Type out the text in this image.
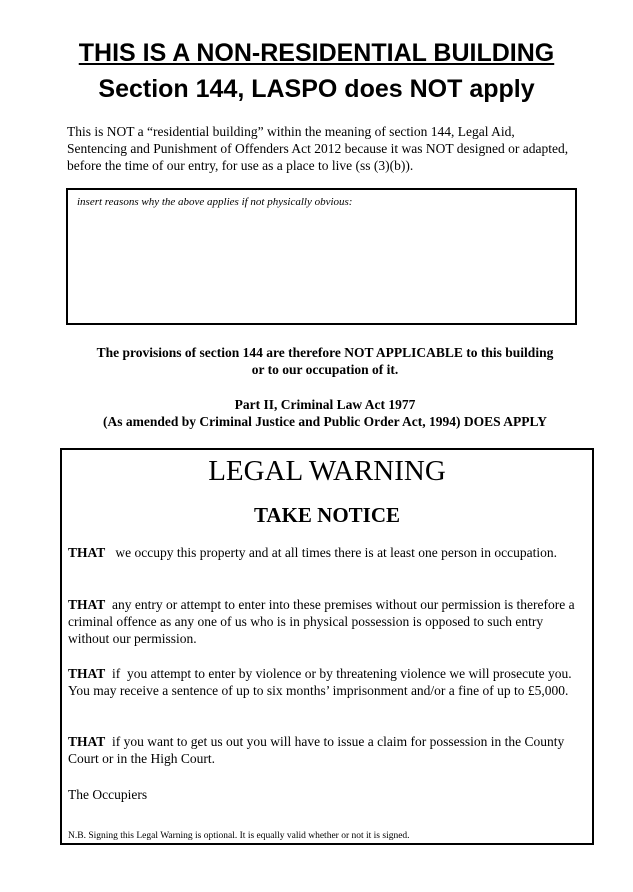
THIS IS A NON-RESIDENTIAL BUILDING
Section 144, LASPO does NOT apply
This is NOT a “residential building” within the meaning of section 144, Legal Aid, Sentencing and Punishment of Offenders Act 2012 because it was NOT designed or adapted, before the time of our entry, for use as a place to live (ss (3)(b)).
insert reasons why the above applies if not physically obvious:
The provisions of section 144 are therefore NOT APPLICABLE to this building
or to our occupation of it.
Part II, Criminal Law Act 1977
(As amended by Criminal Justice and Public Order Act, 1994) DOES APPLY
LEGAL WARNING
TAKE NOTICE
THAT   we occupy this property and at all times there is at least one person in occupation.
THAT  any entry or attempt to enter into these premises without our permission is therefore a criminal offence as any one of us who is in physical possession is opposed to such entry without our permission.
THAT  if  you attempt to enter by violence or by threatening violence we will prosecute you. You may receive a sentence of up to six months’ imprisonment and/or a fine of up to £5,000.
THAT  if you want to get us out you will have to issue a claim for possession in the County Court or in the High Court.
The Occupiers
N.B. Signing this Legal Warning is optional. It is equally valid whether or not it is signed.
